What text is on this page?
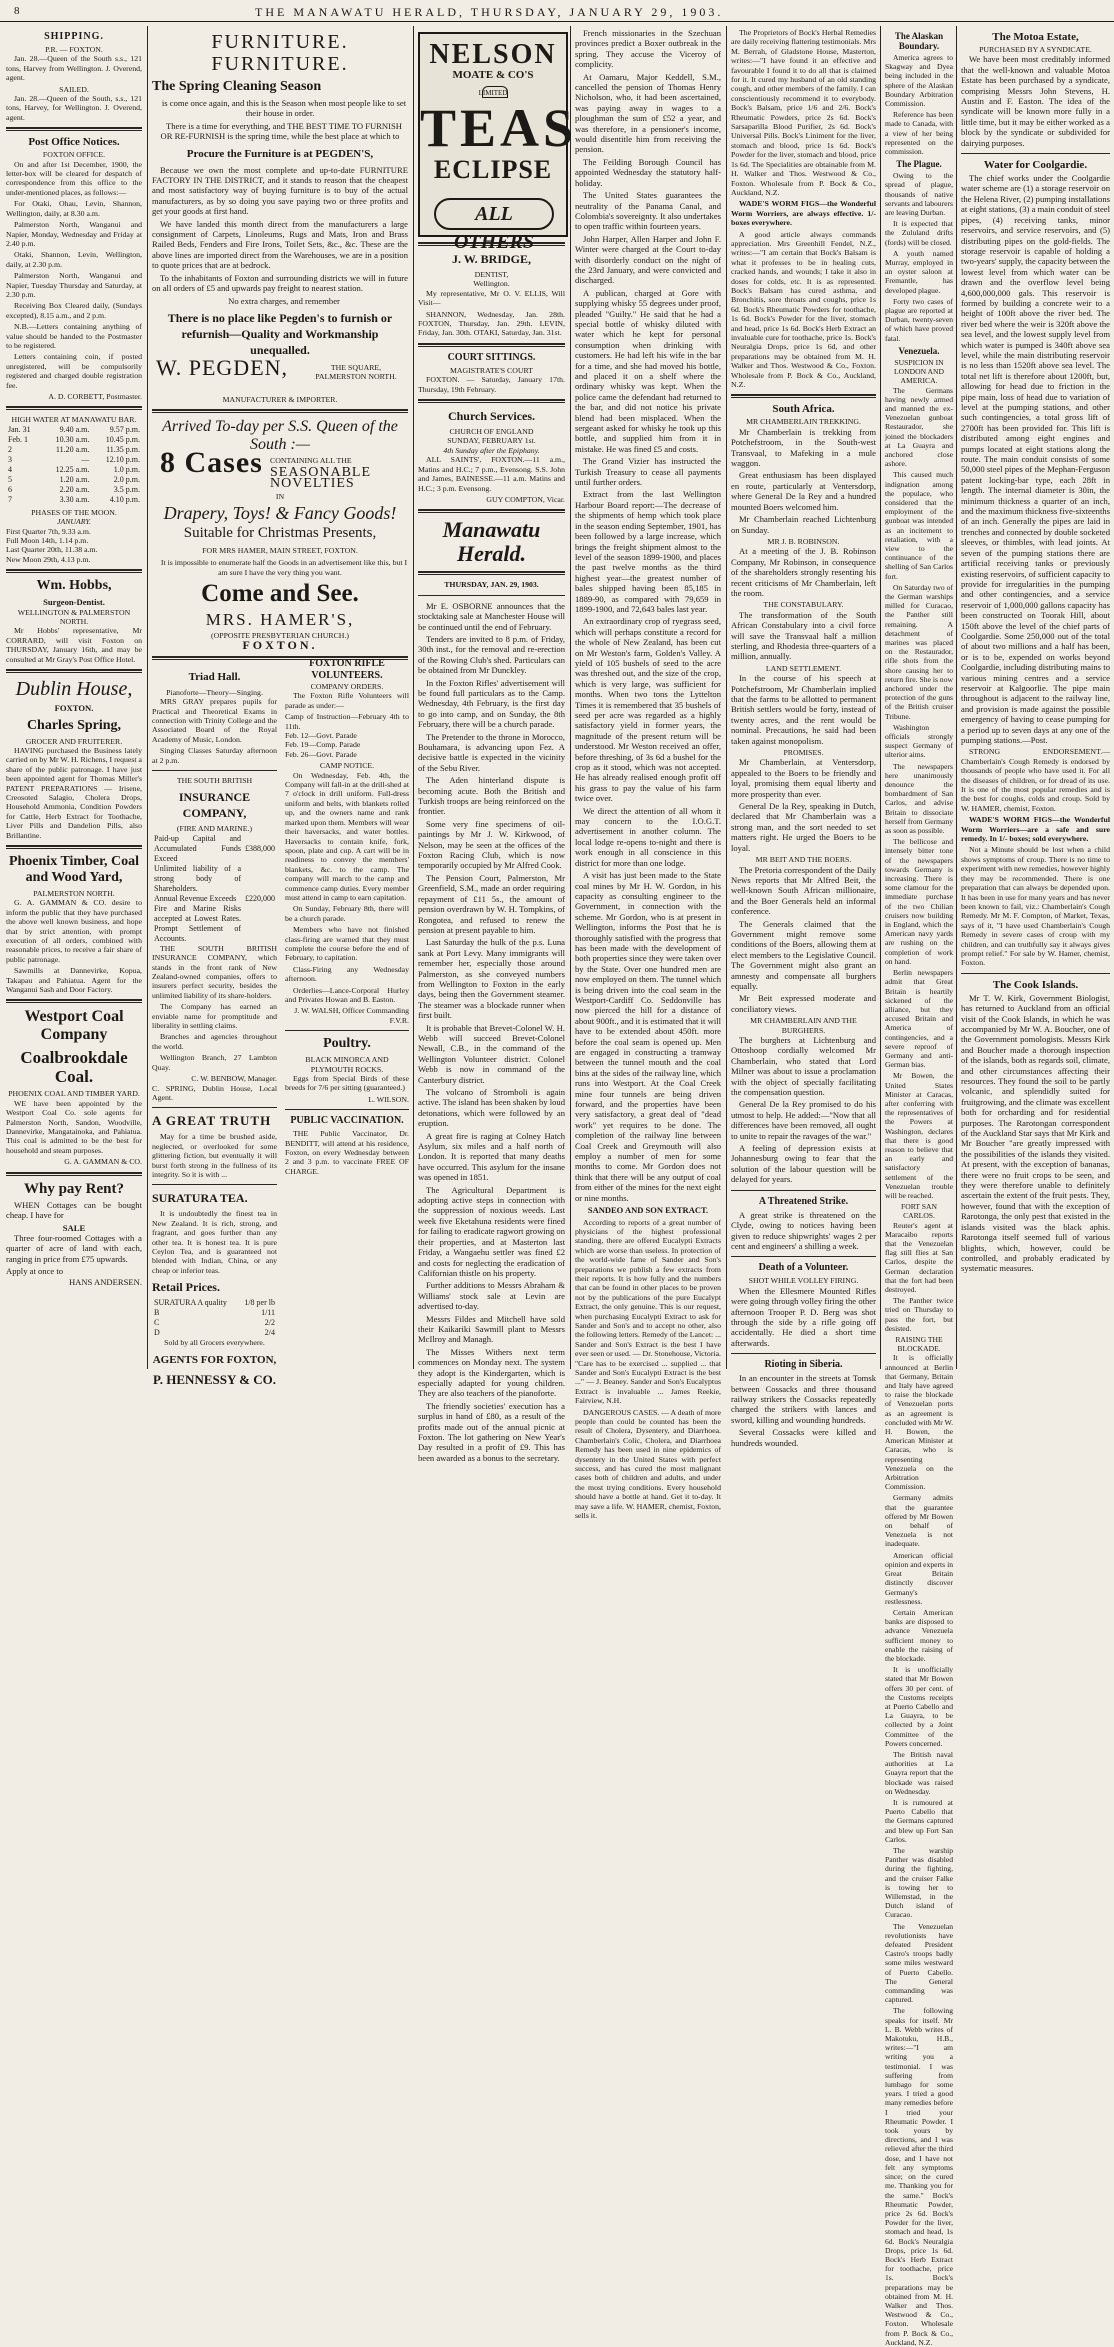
8	THE MANAWATU HERALD, THURSDAY, JANUARY 29, 1903.
SHIPPING.
P.R. — FOXTON.

Jan. 28.—Queen of the South s.s., 121 tons, Harvey from Wellington. J. Overend, agent.

SAILED.

Jan. 28.—Queen of the South, s.s., 121 tons, Harvey, for Wellington. J. Overend, agent.

Post Office Notices.
FOXTON OFFICE.

On and after 1st December, 1900, the letter-box will be cleared for despatch of correspondence from this office to the under-mentioned places, as follows:—

For Otaki, Ohau, Levin, Shannon, Wellington, daily, at 8.30 a.m.

Palmerston North, Wanganui and Napier, Monday, Wednesday and Friday at 2.40 p.m.

Otaki, Shannon, Levin, Wellington, daily, at 2.30 p.m.

Palmerston North, Wanganui and Napier, Tuesday Thursday and Saturday, at 2.30 p.m.

Receiving Box Cleared daily, (Sundays excepted), 8.15 a.m., and 2 p.m.

N.B.—Letters containing anything of value should be handed to the Postmaster to be registered.

Letters containing coin, if posted unregistered, will be compulsorily registered and charged double registration fee.

A. D. CORBETT, Postmaster.
HIGH WATER AT MANAWATU BAR.
Jan. 31	9.40 a.m.	9.57 p.m.
Feb. 1	10.30 a.m.	10.45 p.m.
2	11.20 a.m.	11.35 p.m.
3	—	12.10 p.m.
4	12.25 a.m.	1.0 p.m.
5	1.20 a.m.	2.0 p.m.
6	2.20 a.m.	3.5 p.m.
7	3.30 a.m.	4.10 p.m.
PHASES OF THE MOON.
JANUARY.
First Quarter 7th, 9.33 a.m.
Full Moon 14th, 1.14 p.m.
Last Quarter 20th, 11.38 a.m.
New Moon 29th, 4.13 p.m.
Wm. Hobbs,
Surgeon-Dentist.
WELLINGTON & PALMERSTON NORTH.

Mr Hobbs' representative, Mr CORRARD, will visit Foxton on THURSDAY, January 16th, and may be consulted at Mr Gray's Post Office Hotel.

Dublin House,
FOXTON.
Charles Spring,
GROCER AND FRUITERER.

HAVING purchased the Business lately carried on by Mr W. H. Richens, I request a share of the public patronage. I have just been appointed agent for Thomas Miller's PATENT PREPARATIONS — Irisene, Creosoted Salagio, Cholera Drops, Household Ammonia, Condition Powders for Cattle, Herb Extract for Toothache, Liver Pills and Dandelion Pills, also Brillantine.

Phoenix Timber, Coal and Wood Yard,
PALMERSTON NORTH.

G. A. GAMMAN & CO. desire to inform the public that they have purchased the above well known business, and hope that by strict attention, with prompt execution of all orders, combined with reasonable prices, to receive a fair share of public patronage.

Sawmills at Dannevirke, Kopua, Takapau and Pahiatua. Agent for the Wanganui Sash and Door Factory.

Westport Coal Company
Coalbrookdale Coal.
PHOENIX COAL AND TIMBER YARD.

WE have been appointed by the Westport Coal Co. sole agents for Palmerston North, Sandon, Woodville, Dannevirke, Mangatainoka, and Pahiatua. This coal is admitted to be the best for household and steam purposes.

G. A. GAMMAN & CO.
Why pay Rent?

WHEN Cottages can be bought cheap. I have for

SALE

Three four-roomed Cottages with a quarter of acre of land with each, ranging in price from £75 upwards.

Apply at once to
HANS ANDERSEN.
FURNITURE. FURNITURE.
The Spring Cleaning Season

is come once again, and this is the Season when most people like to set their house in order.

There is a time for everything, and THE BEST TIME TO FURNISH OR RE-FURNISH is the spring time, while the best place at which to

Procure the Furniture is at PEGDEN'S,

Because we own the most complete and up-to-date FURNITURE FACTORY IN THE DISTRICT, and it stands to reason that the cheapest and most satisfactory way of buying furniture is to buy of the actual manufacturers, as by so doing you save paying two or three profits and get your goods at first hand.

We have landed this month direct from the manufacturers a large consignment of Carpets, Linoleums, Rugs and Mats, Iron and Brass Railed Beds, Fenders and Fire Irons, Toilet Sets, &c., &c. These are the above lines are imported direct from the Warehouses, we are in a position to quote prices that are at bedrock.

To the inhabitants of Foxton and surrounding districts we will in future on all orders of £5 and upwards pay freight to nearest station.

No extra charges, and remember

There is no place like Pegden's to furnish or refurnish—Quality and Workmanship unequalled.
W. PEGDEN,	THE SQUARE, PALMERSTON NORTH.
MANUFACTURER & IMPORTER.
Arrived To-day per S.S. Queen of the South :—
8 Cases CONTAINING ALL THE
SEASONABLE NOVELTIES
IN
Drapery, Toys! & Fancy Goods!
Suitable for Christmas Presents,
FOR MRS HAMER, MAIN STREET, FOXTON.

It is impossible to enumerate half the Goods in an advertisement like this, but I am sure I have the very thing you want.

Come and See.
MRS. HAMER'S,
(OPPOSITE PRESBYTERIAN CHURCH.)
FOXTON.
Triad Hall.
Pianoforte—Theory—Singing.

MRS GRAY prepares pupils for Practical and Theoretical Exams in connection with Trinity College and the Associated Board of the Royal Academy of Music, London.

Singing Classes Saturday afternoon at 2 p.m.

THE SOUTH BRITISH
INSURANCE COMPANY,
(FIRE AND MARINE.)
Paid-up Capital and Accumulated Funds Exceed	£388,000
Unlimited liability of a strong body of Shareholders.	
Annual Revenue Exceeds	£220,000
Fire and Marine Risks accepted at Lowest Rates. Prompt Settlement of Accounts.	

THE SOUTH BRITISH INSURANCE COMPANY, which stands in the front rank of New Zealand-owned companies, offers to insurers perfect security, besides the unlimited liability of its share-holders.

The Company has earned an enviable name for promptitude and liberality in settling claims.

Branches and agencies throughout the world.

Wellington Branch, 27 Lambton Quay.

C. W. BENBOW, Manager.
C. SPRING, Dublin House, Local Agent.
A GREAT TRUTH

May for a time be brushed aside, neglected, or overlooked for some glittering fiction, but eventually it will burst forth strong in the fullness of its integrity. So it is with ...

SURATURA TEA.

It is undoubtedly the finest tea in New Zealand. It is rich, strong, and fragrant, and goes further than any other tea. It is honest tea. It is pure Ceylon Tea, and is guaranteed not blended with Indian, China, or any cheap or inferior teas.

Retail Prices.
SURATURA A quality	1/8 per lb
B	1/11
C	2/2
D	2/4
Sold by all Grocers everywhere.
AGENTS FOR FOXTON,
P. HENNESSY & CO.
NELSON
MOATE & CO'S
LIMITED
TEAS
ECLIPSE
ALL OTHERS
J. W. BRIDGE,
DENTIST,
Wellington.

My representative, Mr O. V. ELLIS, Will Visit—

SHANNON, Wednesday, Jan. 28th. FOXTON, Thursday, Jan. 29th. LEVIN, Friday, Jan. 30th. OTAKI, Saturday, Jan. 31st.

COURT SITTINGS.
MAGISTRATE'S COURT

FOXTON. — Saturday, January 17th. Thursday, 19th February.

Church Services.
CHURCH OF ENGLAND
SUNDAY, FEBRUARY 1st.
4th Sunday after the Epiphany.

ALL SAINTS', FOXTON.—11 a.m., Matins and H.C.; 7 p.m., Evensong. S.S. John and James, BAINESSE.—11 a.m. Matins and H.C.; 3 p.m. Evensong.

GUY COMPTON, Vicar.
Manawatu Herald.
THURSDAY, JAN. 29, 1903.

Mr E. OSBORNE announces that the stocktaking sale at Manchester House will be continued until the end of February.

Tenders are invited to 8 p.m. of Friday, 30th inst., for the removal and re-erection of the Rowing Club's shed. Particulars can be obtained from Mr Dunckley.

In the Foxton Rifles' advertisement will be found full particulars as to the Camp. Wednesday, 4th February, is the first day to go into camp, and on Sunday, the 8th February, there will be a church parade.

The Pretender to the throne in Morocco, Bouhamara, is advancing upon Fez. A decisive battle is expected in the vicinity of the Sebu River.

The Aden hinterland dispute is becoming acute. Both the British and Turkish troops are being reinforced on the frontier.

Some very fine specimens of oil-paintings by Mr J. W. Kirkwood, of Nelson, may be seen at the offices of the Foxton Racing Club, which is now temporarily occupied by Mr Alfred Cook.

The Pension Court, Palmerston, Mr Greenfield, S.M., made an order requiring repayment of £11 5s., the amount of pension overdrawn by W. H. Tompkins, of Rongotea, and refused to renew the pension at present payable to him.

Last Saturday the hulk of the p.s. Luna sank at Port Levy. Many immigrants will remember her, especially those around Palmerston, as she conveyed numbers from Wellington to Foxton in the early days, being then the Government steamer. The steamer was a blockade runner when first built.

It is probable that Brevet-Colonel W. H. Webb will succeed Brevet-Colonel Newall, C.B., in the command of the Wellington Volunteer district. Colonel Webb is now in command of the Canterbury district.

The volcano of Stromboli is again active. The island has been shaken by loud detonations, which were followed by an eruption.

A great fire is raging at Colney Hatch Asylum, six miles and a half north of London. It is reported that many deaths have occurred. This asylum for the insane was opened in 1851.

The Agricultural Department is adopting active steps in connection with the suppression of noxious weeds. Last week five Eketahuna residents were fined for failing to eradicate ragwort growing on their properties, and at Masterton last Friday, a Wangaehu settler was fined £2 and costs for neglecting the eradication of Californian thistle on his property.

Further additions to Messrs Abraham & Williams' stock sale at Levin are advertised to-day.

Messrs Fildes and Mitchell have sold their Kaikariki Sawmill plant to Messrs McIlroy and Managh.

The Misses Withers next term commences on Monday next. The system they adopt is the Kindergarten, which is especially adapted for young children. They are also teachers of the pianoforte.

The friendly societies' execution has a surplus in hand of £80, as a result of the profits made out of the annual picnic at Foxton. The lot gathering on New Year's Day resulted in a profit of £9. This has been awarded as a bonus to the secretary.

French missionaries in the Szechuan provinces predict a Boxer outbreak in the spring. They accuse the Viceroy of complicity.

At Oamaru, Major Keddell, S.M., cancelled the pension of Thomas Henry Nicholson, who, it had been ascertained, was paying away in wages to a ploughman the sum of £52 a year, and was therefore, in a pensioner's income, would disentitle him from receiving the pension.

The Feilding Borough Council has appointed Wednesday the statutory half-holiday.

The United States guarantees the neutrality of the Panama Canal, and Colombia's sovereignty. It also undertakes to open traffic within fourteen years.

John Harper, Allen Harper and John F. Winter were charged at the Court to-day with disorderly conduct on the night of the 23rd January, and were convicted and discharged.

A publican, charged at Gore with supplying whisky 55 degrees under proof, pleaded "Guilty." He said that he had a special bottle of whisky diluted with water which he kept for personal consumption when drinking with customers. He had left his wife in the bar for a time, and she had moved his bottle, and placed it on a shelf where the ordinary whisky was kept. When the police came the defendant had returned to the bar, and did not notice his private blend had been misplaced. When the sergeant asked for whisky he took up this bottle, and supplied him from it in mistake. He was fined £5 and costs.

The Grand Vizier has instructed the Turkish Treasury to cease all payments until further orders.

Extract from the last Wellington Harbour Board report:—The decrease of the shipments of hemp which took place in the season ending September, 1901, has been followed by a large increase, which brings the freight shipment almost to the level of the season 1899-1900, and places the past twelve months as the third highest year—the greatest number of bales shipped having been 85,185 in 1889-90, as compared with 79,659 in 1899-1900, and 72,643 bales last year.

An extraordinary crop of ryegrass seed, which will perhaps constitute a record for the whole of New Zealand, has been cut on Mr Weston's farm, Golden's Valley. A yield of 105 bushels of seed to the acre was threshed out, and the size of the crop, which is very large, was sufficient for months. When two tons the Lyttelton Times it is remembered that 35 bushels of seed per acre was regarded as a highly satisfactory yield in former years, the magnitude of the present return will be understood. Mr Weston received an offer, before threshing, of 3s 6d a bushel for the crop as it stood, which was not accepted. He has already realised enough profit off his grass to pay the value of his farm twice over.

We direct the attention of all whom it may concern to the I.O.G.T. advertisement in another column. The local lodge re-opens to-night and there is work enough in all conscience in this district for more than one lodge.

A visit has just been made to the State coal mines by Mr H. W. Gordon, in his capacity as consulting engineer to the Government, in connection with the scheme. Mr Gordon, who is at present in Wellington, informs the Post that he is thoroughly satisfied with the progress that has been made with the development of both properties since they were taken over by the State. Over one hundred men are now employed on them. The tunnel which is being driven into the coal seam in the Westport-Cardiff Co. Seddonville has now pierced the hill for a distance of about 900ft., and it is estimated that it will have to be extended about 450ft. more before the coal seam is opened up. Men are engaged in constructing a tramway between the tunnel mouth and the coal bins at the sides of the railway line, which runs into Westport. At the Coal Creek mine four tunnels are being driven forward, and the properties have been very satisfactory, a great deal of "dead work" yet requires to be done. The completion of the railway line between Coal Creek and Greymouth will also employ a number of men for some months to come. Mr Gordon does not think that there will be any output of coal from either of the mines for the next eight or nine months.

SANDEO AND SON EXTRACT.

According to reports of a great number of physicians of the highest professional standing, there are offered Eucalypti Extracts which are worse than useless. In protection of the world-wide fame of Sander and Son's preparations we publish a few extracts from their reports. It is how fully and the numbers that can be found in other places to be proven not by the publications of the pure Eucalypt Extract, the only genuine. This is our request, when purchasing Eucalypti Extract to ask for Sander and Son's and to accept no other, also the following letters. Remedy of the Lancet: ... Sander and Son's Extract is the best I have ever seen or used. — Dr. Stonehouse, Victoria. "Care has to be exercised ... supplied ... that Sander and Son's Eucalypti Extract is the best ..." — J. Beaney. Sander and Son's Eucalyptus Extract is invaluable ... James Reekie, Fairview, N.H.

DANGEROUS CASES. — A death of more people than could be counted has been the result of Cholera, Dysentery, and Diarrhoea. Chamberlain's Colic, Cholera, and Diarrhoea Remedy has been used in nine epidemics of dysentery in the United States with perfect success, and has cured the most malignant cases both of children and adults, and under the most trying conditions. Every household should have a bottle at hand. Get it to-day. It may save a life. W. HAMER, chemist, Foxton, sells it.

The Proprietors of Bock's Herbal Remedies are daily receiving flattering testimonials. Mrs M. Berrah, of Gladstone House, Masterton, writes:—"I have found it an effective and favourable I found it to do all that is claimed for it. It cured my husband of an old standing cough, and other members of the family. I can conscientiously recommend it to everybody. Bock's Balsam, price 1/6 and 2/6. Bock's Rheumatic Powders, price 2s 6d. Bock's Sarsaparilla Blood Purifier, 2s 6d. Bock's Universal Pills. Bock's Liniment for the liver, stomach and blood, price 1s 6d. Bock's Powder for the liver, stomach and blood, price 1s 6d. The Specialities are obtainable from M. H. Walker and Thos. Westwood & Co., Foxton. Wholesale from P. Bock & Co., Auckland, N.Z.

WADE'S WORM FIGS—the Wonderful Worm Worriers, are always effective. 1/- boxes everywhere.

A good article always commands appreciation. Mrs Greenhill Fendel, N.Z., writes:—"I am certain that Bock's Balsam is what it professes to be in healing cuts, cracked hands, and wounds; I take it also in doses for colds, etc. It is as represented. Bock's Balsam has cured asthma, and Bronchitis, sore throats and coughs, price 1s 6d. Bock's Rheumatic Powders for toothache, 1s 6d. Bock's Powder for the liver, stomach and head, price 1s 6d. Bock's Herb Extract an invaluable cure for toothache, price 1s. Bock's Neuralgia Drops, price 1s 6d, and other preparations may be obtained from M. H. Walker and Thos. Westwood & Co., Foxton. Wholesale from P. Bock & Co., Auckland, N.Z.

South Africa.
MR CHAMBERLAIN TREKKING.

Mr Chamberlain is trekking from Potchefstroom, in the South-west Transvaal, to Mafeking in a mule waggon.

Great enthusiasm has been displayed en route, particularly at Ventersdorp, where General De la Rey and a hundred mounted Boers welcomed him.

Mr Chamberlain reached Lichtenburg on Sunday.

MR J. B. ROBINSON.

At a meeting of the J. B. Robinson Company, Mr Robinson, in consequence of the shareholders strongly resenting his recent criticisms of Mr Chamberlain, left the room.

THE CONSTABULARY.

The transformation of the South African Constabulary into a civil force will save the Transvaal half a million sterling, and Rhodesia three-quarters of a million, annually.

LAND SETTLEMENT.

In the course of his speech at Potchefstroom, Mr Chamberlain implied that the farms to be allotted to permanent British settlers would be forty, instead of twenty acres, and the rent would be nominal. Precautions, he said had been taken against monopolism.

PROMISES.

Mr Chamberlain, at Ventersdorp, appealed to the Boers to be friendly and loyal, promising them equal liberty and more prosperity than ever.

General De la Rey, speaking in Dutch, declared that Mr Chamberlain was a strong man, and the sort needed to set matters right. He urged the Boers to be loyal.

MR BEIT AND THE BOERS.

The Pretoria correspondent of the Daily News reports that Mr Alfred Beit, the well-known South African millionaire, and the Boer Generals held an informal conference.

The Generals claimed that the Government might remove some conditions of the Boers, allowing them at elect members to the Legislative Council. The Government might also grant an amnesty and compensate all burghers equally.

Mr Beit expressed moderate and conciliatory views.

MR CHAMBERLAIN AND THE BURGHERS.

The burghers at Lichtenburg and Ottoshoop cordially welcomed Mr Chamberlain, who stated that Lord Milner was about to issue a proclamation with the object of specially facilitating the compensation question.

General De la Rey promised to do his utmost to help. He added:—"Now that all differences have been removed, all ought to unite to repair the ravages of the war."

A feeling of depression exists at Johannesburg owing to fear that the solution of the labour question will be delayed for years.

A Threatened Strike.

A great strike is threatened on the Clyde, owing to notices having been given to reduce shipwrights' wages 2 per cent and engineers' a shilling a week.

Death of a Volunteer.
SHOT WHILE VOLLEY FIRING.

When the Ellesmere Mounted Rifles were going through volley firing the other afternoon Trooper P. D. Berg was shot through the side by a rifle going off accidentally. He died a short time afterwards.

Rioting in Siberia.

In an encounter in the streets at Tomsk between Cossacks and three thousand railway strikers the Cossacks repeatedly charged the strikers with lances and sword, killing and wounding hundreds.

Several Cossacks were killed and hundreds wounded.

The Motoa Estate,
PURCHASED BY A SYNDICATE.

We have been most creditably informed that the well-known and valuable Motoa Estate has been purchased by a syndicate, comprising Messrs John Stevens, H. Austin and F. Easton. The idea of the syndicate will be known more fully in a little time, but it may be either worked as a block by the syndicate or subdivided for dairying purposes.

Water for Coolgardie.

The chief works under the Coolgardie water scheme are (1) a storage reservoir on the Helena River, (2) pumping installations at eight stations, (3) a main conduit of steel pipes, (4) receiving tanks, minor reservoirs, and service reservoirs, and (5) distributing pipes on the gold-fields. The storage reservoir is capable of holding a two-years' supply, the capacity between the lowest level from which water can be drawn and the overflow level being 4,600,000,000 gals. This reservoir is formed by building a concrete weir to a height of 100ft above the river bed. The river bed where the weir is 320ft above the sea level, and the lowest supply level from which water is pumped is 340ft above sea level, while the main distributing reservoir is no less than 1520ft above sea level. The total net lift is therefore about 1200ft, but, allowing for head due to friction in the pipe main, loss of head due to variation of level at the pumping stations, and other such contingencies, a total gross lift of 2700ft has been provided for. This lift is distributed among eight engines and pumps located at eight stations along the route. The main conduit consists of some 50,000 steel pipes of the Mephan-Ferguson patent locking-bar type, each 28ft in length. The internal diameter is 30in, the minimum thickness a quarter of an inch, and the maximum thickness five-sixteenths of an inch. Generally the pipes are laid in trenches and connected by double socketed sleeves, or thimbles, with lead joints. At seven of the pumping stations there are artificial receiving tanks or previously existing reservoirs, of sufficient capacity to provide for irregularities in the pumping and other contingencies, and a service reservoir of 1,000,000 gallons capacity has been constructed on Toorak Hill, about 150ft above the level of the chief parts of Coolgardie. Some 250,000 out of the total of about two millions and a half has been, or is to be, expended on works beyond Coolgardie, including distributing mains to various mining centres and a service reservoir at Kalgoorlie. The pipe main throughout is adjacent to the railway line, and provision is made against the possible emergency of having to cease pumping for a period up to seven days at any one of the pumping stations.—Post.

STRONG ENDORSEMENT.—Chamberlain's Cough Remedy is endorsed by thousands of people who have used it. For all the diseases of children, or for dread of its use. It is one of the most popular remedies and is the best for coughs, colds and croup. Sold by W. HAMER, chemist, Foxton.

WADE'S WORM FIGS—the Wonderful Worm Worriers—are a safe and sure remedy. In 1/- boxes; sold everywhere.

Not a Minute should be lost when a child shows symptoms of croup. There is no time to experiment with new remedies, however highly they may be recommended. There is one preparation that can always be depended upon. It has been in use for many years and has never been known to fail, viz.: Chamberlain's Cough Remedy. Mr M. F. Compton, of Market, Texas, says of it, "I have used Chamberlain's Cough Remedy in severe cases of croup with my children, and can truthfully say it always gives prompt relief." For sale by W. Hamer, chemist, Foxton.

The Cook Islands.

Mr T. W. Kirk, Government Biologist, has returned to Auckland from an official visit of the Cook Islands, in which he was accompanied by Mr W. A. Boucher, one of the Government pomologists. Messrs Kirk and Boucher made a thorough inspection of the islands, both as regards soil, climate, and other circumstances affecting their resources. They found the soil to be partly volcanic, and splendidly suited for fruitgrowing, and the climate was excellent both for orcharding and for residential purposes. The Rarotongan correspondent of the Auckland Star says that Mr Kirk and Mr Boucher "are greatly impressed with the possibilities of the islands they visited. At present, with the exception of bananas, there were no fruit crops to be seen, and they were therefore unable to definitely ascertain the extent of the fruit pests. They, however, found that with the exception of Rarotonga, the only pest that existed in the islands visited was the black aphis. Rarotonga itself seemed full of various blights, which, however, could be controlled, and probably eradicated by systematic measures.

The Alaskan Boundary.

America agrees to Skagway and Dyea being included in the sphere of the Alaskan Boundary Arbitration Commission.

Reference has been made to Canada, with a view of her being represented on the commission.

The Plague.

Owing to the spread of plague, thousands of native servants and labourers are leaving Durban.

It is expected that the Zululand drifts (fords) will be closed.

A youth named Murray, employed in an oyster saloon at Fremantle, has developed plague.

Forty two cases of plague are reported at Durban, twenty-seven of which have proved fatal.

Venezuela.
SUSPICION IN LONDON AND AMERICA.

The Germans having newly armed and manned the ex-Venezuelan gunboat Restaurador, she joined the blockaders at La Guayra and anchored close ashore.

This caused much indignation among the populace, who considered that the employment of the gunboat was intended as an incitement to retaliation, with a view to the continuance of the shelling of San Carlos fort.

On Saturday two of the German warships milled for Curacao, the Panther still remaining. A detachment of marines was placed on the Restaurador, rifle shots from the shore causing her to return fire. She is now anchored under the protection of the guns of the British cruiser Tribune.

Washington officials strongly suspect Germany of ulterior aims.

The newspapers here unanimously denounce the bombardment of San Carlos, and advise Britain to dissociate herself from Germany as soon as possible.

The bellicose and intensely bitter tone of the newspapers towards Germany is increasing. There is some clamour for the immediate purchase of the two Chilian cruisers now building in England, which the American navy yards are rushing on the completion of work on hand.

Berlin newspapers admit that Great Britain is heartily sickened of the alliance, but they accused Britain and America of contingencies, and a severe reproof of Germany and anti-German bias.

Mr Bowen, the United States Minister at Caracas, after conferring with the representatives of the Powers at Washington, declares that there is good reason to believe that an early and satisfactory settlement of the Venezuelan trouble will be reached.

FORT SAN CARLOS.

Reuter's agent at Maracaibo reports that the Venezuelan flag still flies at San Carlos, despite the German declaration that the fort had been destroyed.

The Panther twice tried on Thursday to pass the fort, but desisted.

RAISING THE BLOCKADE.

It is officially announced at Berlin that Germany, Britain and Italy have agreed to raise the blockade of Venezuelan ports as an agreement is concluded with Mr W. H. Bowen, the American Minister at Caracas, who is representing Venezuela on the Arbitration Commission.

Germany admits that the guarantee offered by Mr Bowen on behalf of Venezuela is not inadequate.

American official opinion and experts in Great Britain distinctly discover Germany's restlessness.

Certain American banks are disposed to advance Venezuela sufficient money to enable the raising of the blockade.

It is unofficially stated that Mr Bowen offers 30 per cent. of the Customs receipts at Puerto Cabello and La Guayra, to be collected by a Joint Committee of the Powers concerned.

The British naval authorities at La Guayra report that the blockade was raised on Wednesday.

It is rumoured at Puerto Cabello that the Germans captured and blew up Fort San Carlos.

The warship Panther was disabled during the fighting, and the cruiser Falke is towing her to Willemstad, in the Dutch island of Curacao.

The Venezuelan revolutionists have defeated President Castro's troops badly some miles westward of Puerto Cabello. The General commanding was captured.

The following speaks for itself. Mr L. B. Webb writes of Makotuku, H.B., writes:—"I am writing you a testimonial. I was suffering from lumbago for some years. I tried a good many remedies before I tried your Rheumatic Powder. I took yours by directions, and I was relieved after the third dose, and I have not felt any symptoms since; on the cured me. Thanking you for the same." Bock's Rheumatic Powder, price 2s 6d. Bock's Powder for the liver, stomach and head, 1s 6d. Bock's Neuralgia Drops, price 1s 6d. Bock's Herb Extract for toothache, price 1s. Bock's preparations may be obtained from M. H. Walker and Thos. Westwood & Co., Foxton. Wholesale from P. Bock & Co., Auckland, N.Z.

FOXTON RIFLE VOLUNTEERS.
COMPANY ORDERS.

The Foxton Rifle Volunteers will parade as under:—

Camp of Instruction—February 4th to 11th.
Feb. 12—Govt. Parade
Feb. 19—Comp. Parade
Feb. 26—Govt. Parade
CAMP NOTICE.

On Wednesday, Feb. 4th, the Company will fall-in at the drill-shed at 7 o'clock in drill uniform. Full-dress uniform and belts, with blankets rolled up, and the owners name and rank marked upon them. Members will wear their haversacks, and water bottles. Haversacks to contain knife, fork, spoon, plate and cup. A cart will be in readiness to convey the members' blankets, &c. to the camp. The company will march to the camp and commence camp duties. Every member must attend in camp to earn capitation.

On Sunday, February 8th, there will be a church parade.

Members who have not finished class-firing are warned that they must complete the course before the end of February, to capitation.

Class-Firing any Wednesday afternoon.

Orderlies—Lance-Corporal Hurley and Privates Howan and B. Easton.

J. W. WALSH, Officer Commanding F.V.R.
Poultry.
BLACK MINORCA AND PLYMOUTH ROCKS.

Eggs from Special Birds of these breeds for 7/6 per sitting (guaranteed.)

L. WILSON.
PUBLIC VACCINATION.

THE Public Vaccinator, Dr. BENDITT, will attend at his residence, Foxton, on every Wednesday between 2 and 3 p.m. to vaccinate FREE OF CHARGE.
